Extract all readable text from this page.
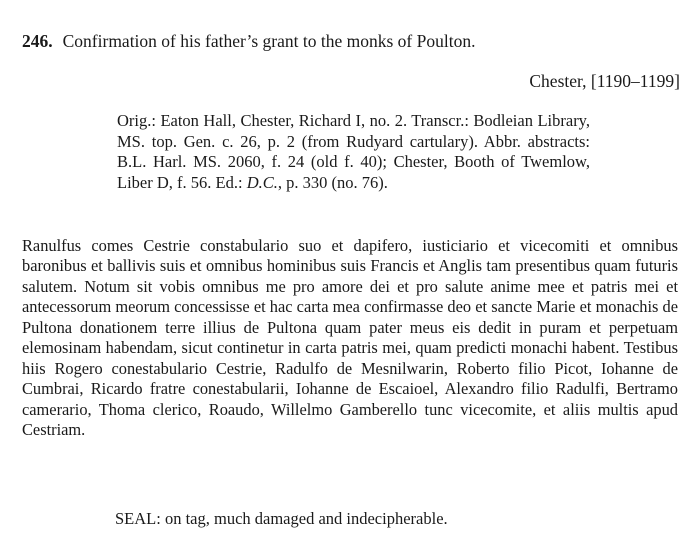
246. Confirmation of his father’s grant to the monks of Poulton.
Chester, [1190–1199]
Orig.: Eaton Hall, Chester, Richard I, no. 2. Transcr.: Bodleian Library, MS. top. Gen. c. 26, p. 2 (from Rudyard cartulary). Abbr. abstracts: B.L. Harl. MS. 2060, f. 24 (old f. 40); Chester, Booth of Twemlow, Liber D, f. 56. Ed.: D.C., p. 330 (no. 76).
Ranulfus comes Cestrie constabulario suo et dapifero, iusticiario et vicecomiti et omnibus baronibus et ballivis suis et omnibus hominibus suis Francis et Anglis tam presentibus quam futuris salutem. Notum sit vobis omnibus me pro amore dei et pro salute anime mee et patris mei et antecessorum meorum concessisse et hac carta mea confirmasse deo et sancte Marie et monachis de Pultona donationem terre illius de Pultona quam pater meus eis dedit in puram et perpetuam elemosinam habendam, sicut continetur in carta patris mei, quam predicti monachi habent. Testibus hiis Rogero conestabulario Cestrie, Radulfo de Mesnilwarin, Roberto filio Picot, Iohanne de Cumbrai, Ricardo fratre conestabularii, Iohanne de Escaioel, Alexandro filio Radulfi, Bertramo camerario, Thoma clerico, Roaudo, Willelmo Gamberello tunc vicecomite, et aliis multis apud Cestriam.
SEAL: on tag, much damaged and indecipherable.
